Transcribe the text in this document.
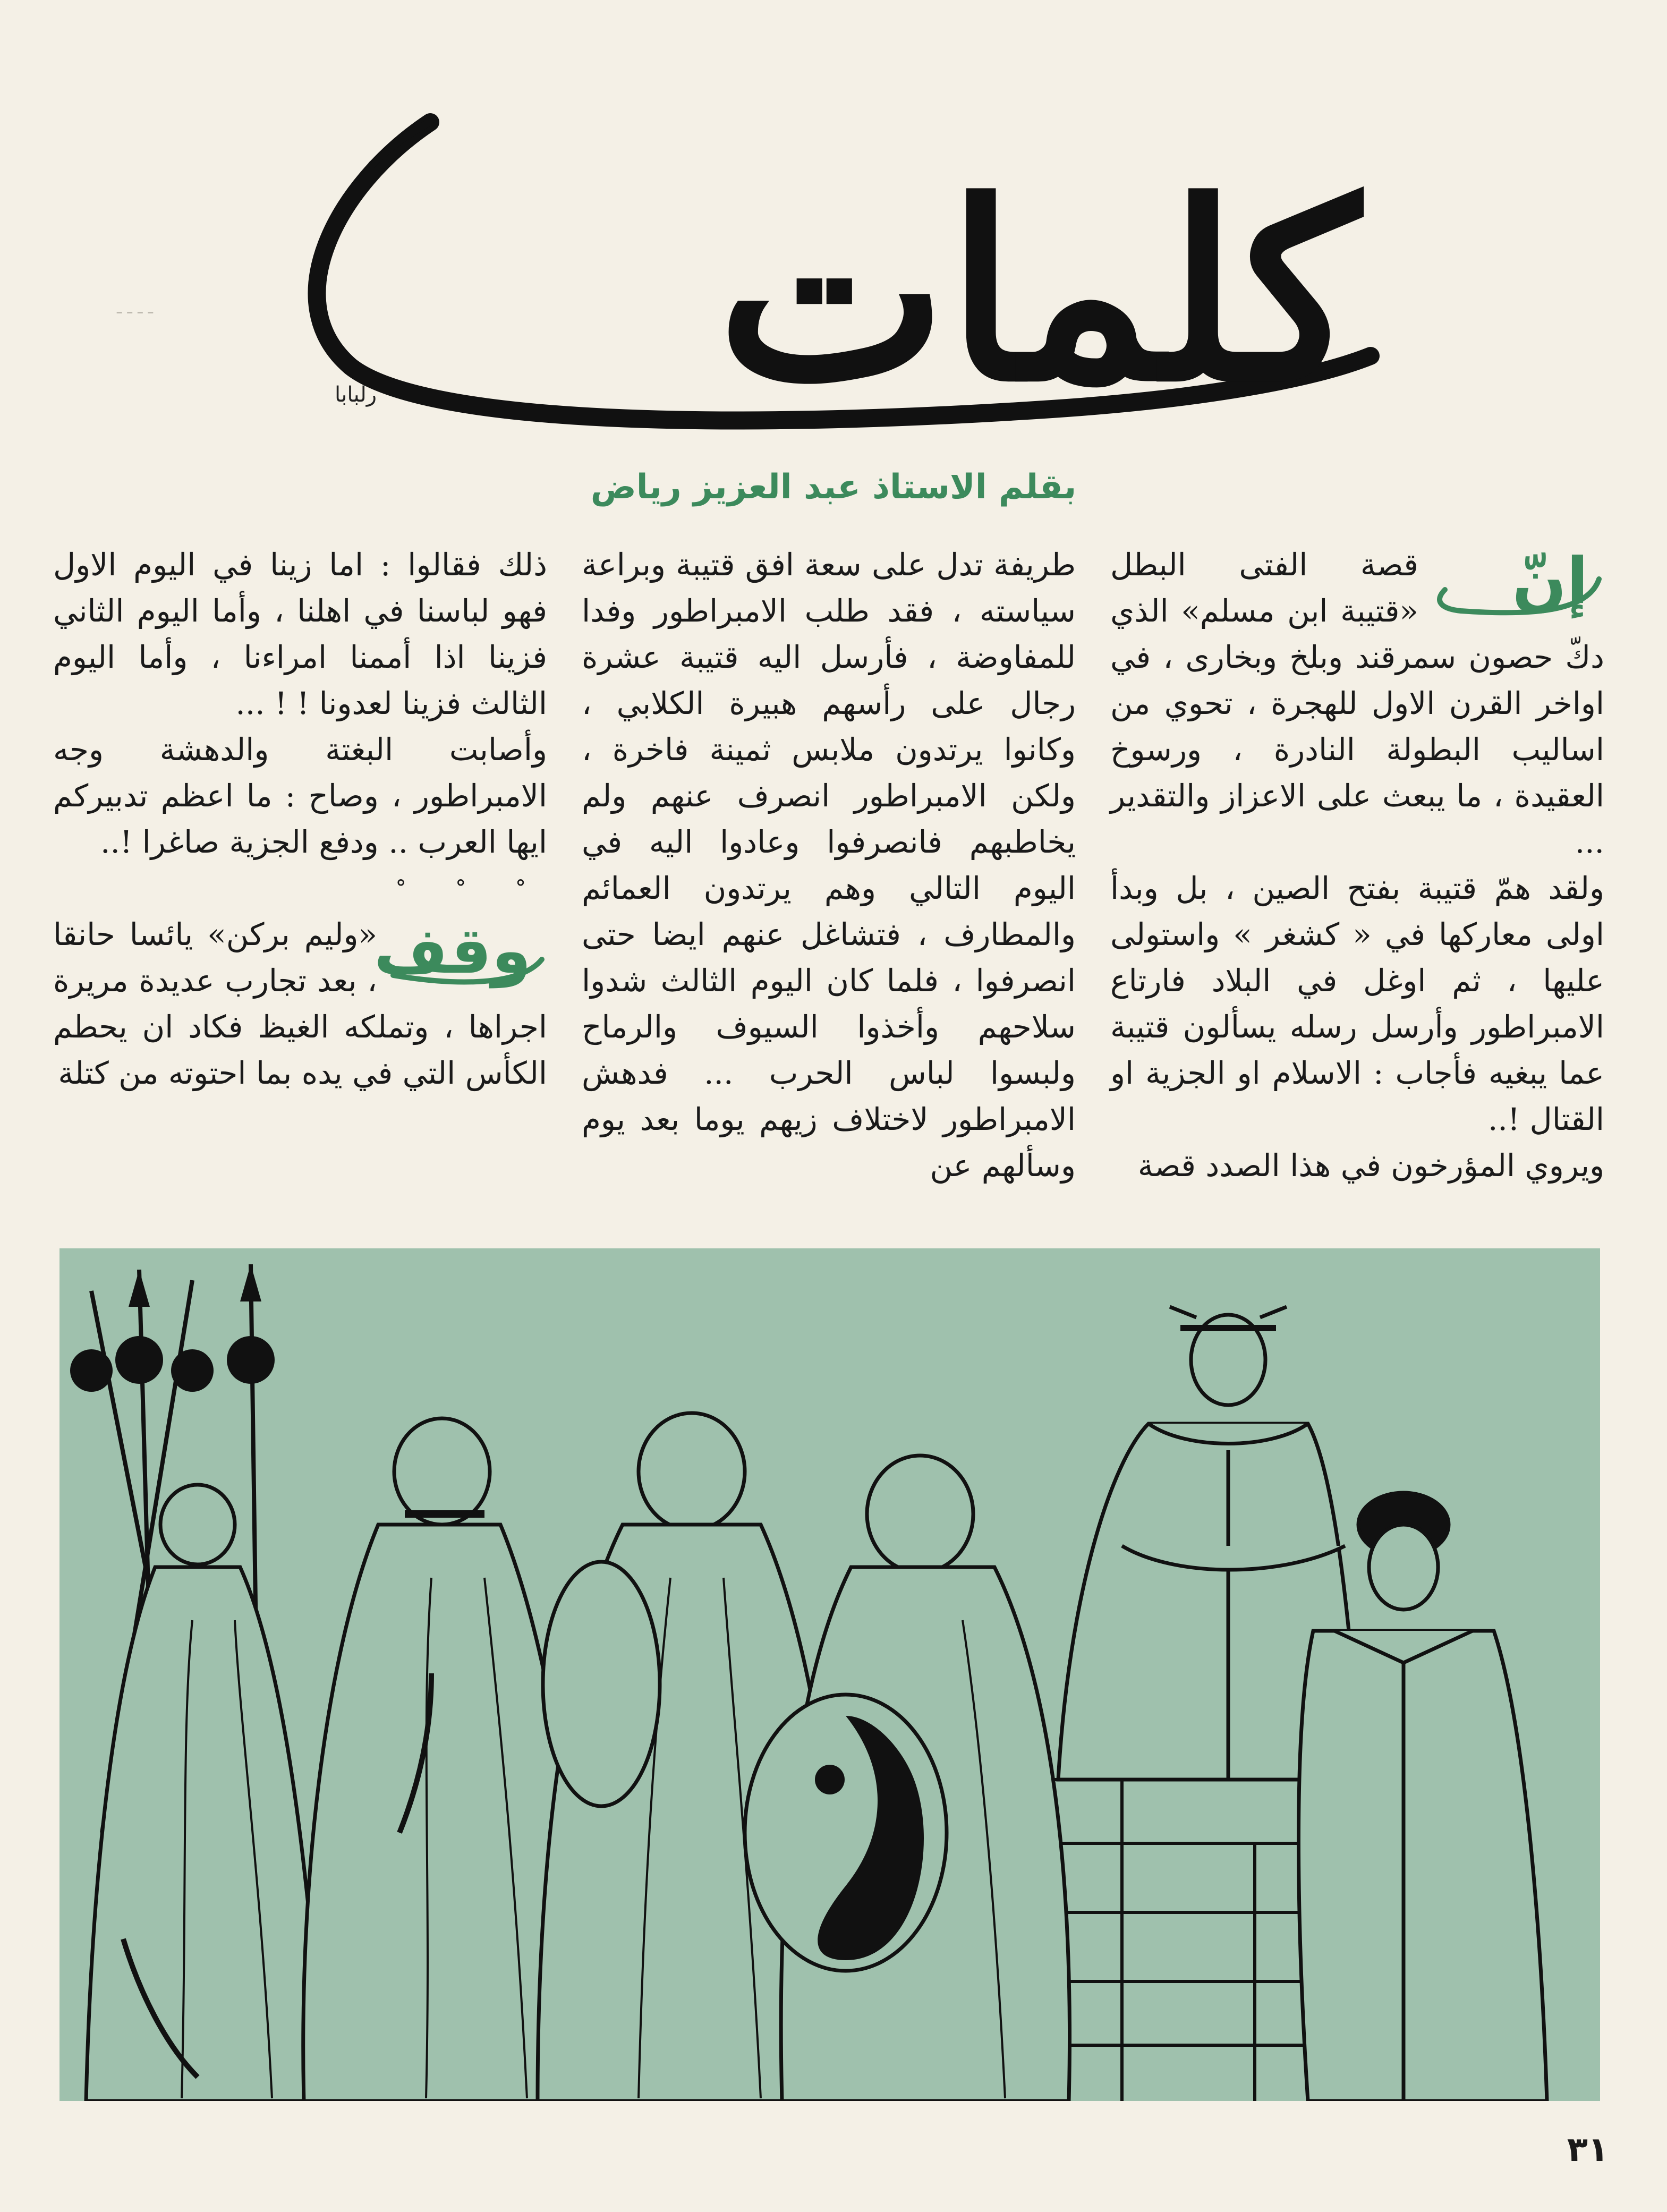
كلمات
ـ ـ ـ ـ
رلبابا
بقلم الاستاذ عبد العزيز رياض
إنّ

قصة الفتى البطل «قتيبة ابن مسلم» الذي دكّ حصون سمرقند وبلخ وبخارى ، في اواخر القرن الاول للهجرة ، تحوي من اساليب البطولة النادرة ، ورسوخ العقيدة ، ما يبعث على الاعزاز والتقدير ...

ولقد همّ قتيبة بفتح الصين ، بل وبدأ اولى معاركها في « كشغر » واستولى عليها ، ثم اوغل في البلاد فارتاع الامبراطور وأرسل رسله يسألون قتيبة عما يبغيه فأجاب : الاسلام او الجزية او القتال !..

ويروي المؤرخون في هذا الصدد قصة

طريفة تدل على سعة افق قتيبة وبراعة سياسته ، فقد طلب الامبراطور وفدا للمفاوضة ، فأرسل اليه قتيبة عشرة رجال على رأسهم هبيرة الكلابي ، وكانوا يرتدون ملابس ثمينة فاخرة ، ولكن الامبراطور انصرف عنهم ولم يخاطبهم فانصرفوا وعادوا اليه في اليوم التالي وهم يرتدون العمائم والمطارف ، فتشاغل عنهم ايضا حتى انصرفوا ، فلما كان اليوم الثالث شدوا سلاحهم وأخذوا السيوف والرماح ولبسوا لباس الحرب ... فدهش الامبراطور لاختلاف زيهم يوما بعد يوم وسألهم عن

ذلك فقالوا : اما زينا في اليوم الاول فهو لباسنا في اهلنا ، وأما اليوم الثاني فزينا اذا أممنا امراءنا ، وأما اليوم الثالث فزينا لعدونا ! ! ...

وأصابت البغتة والدهشة وجه الامبراطور ، وصاح : ما اعظم تدبيركم ايها العرب .. ودفع الجزية صاغرا !..

° ° °
وقف

«وليم بركن» يائسا حانقا ، بعد تجارب عديدة مريرة اجراها ، وتملكه الغيظ فكاد ان يحطم الكأس التي في يده بما احتوته من كتلة

٣١
